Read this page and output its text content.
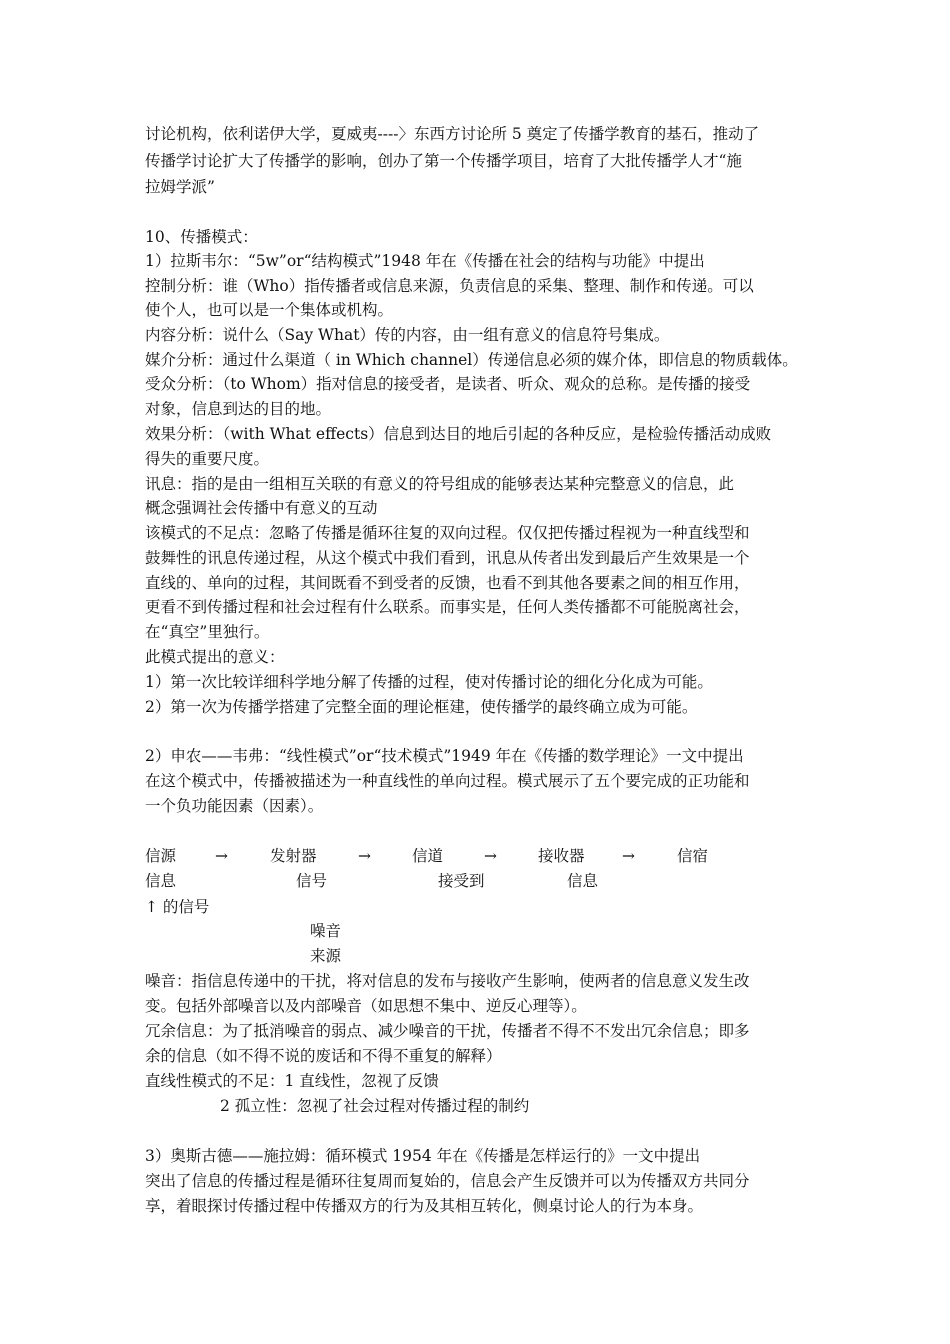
讨论机构，依利诺伊大学，夏威夷----〉东西方讨论所 5 奠定了传播学教育的基石，推动了
传播学讨论扩大了传播学的影响，创办了第一个传播学项目，培育了大批传播学人才“施
拉姆学派”
10、传播模式：
1）拉斯韦尔：“5w”or“结构模式”1948 年在《传播在社会的结构与功能》中提出
控制分析：谁（Who）指传播者或信息来源，负责信息的采集、整理、制作和传递。可以
使个人，也可以是一个集体或机构。
内容分析：说什么（Say What）传的内容，由一组有意义的信息符号集成。
媒介分析：通过什么渠道（ in Which channel）传递信息必须的媒介体，即信息的物质载体。
受众分析：（to Whom）指对信息的接受者，是读者、听众、观众的总称。是传播的接受
对象，信息到达的目的地。
效果分析：（with What effects）信息到达目的地后引起的各种反应，是检验传播活动成败
得失的重要尺度。
讯息：指的是由一组相互关联的有意义的符号组成的能够表达某种完整意义的信息，此
概念强调社会传播中有意义的互动
该模式的不足点：忽略了传播是循环往复的双向过程。仅仅把传播过程视为一种直线型和
鼓舞性的讯息传递过程，从这个模式中我们看到，讯息从传者出发到最后产生效果是一个
直线的、单向的过程，其间既看不到受者的反馈，也看不到其他各要素之间的相互作用，
更看不到传播过程和社会过程有什么联系。而事实是，任何人类传播都不可能脱离社会，
在“真空”里独行。
此模式提出的意义：
1）第一次比较详细科学地分解了传播的过程，使对传播讨论的细化分化成为可能。
2）第一次为传播学搭建了完整全面的理论框建，使传播学的最终确立成为可能。
2）申农——韦弗：“线性模式”or“技术模式”1949 年在《传播的数学理论》一文中提出
在这个模式中，传播被描述为一种直线性的单向过程。模式展示了五个要完成的正功能和
一个负功能因素（因素）。
信源	→	发射器	→	信道	→	接收器 →	信宿
信息	信号	接受到	信息
↑ 的信号
噪音
来源
噪音：指信息传递中的干扰，将对信息的发布与接收产生影响，使两者的信息意义发生改
变。包括外部噪音以及内部噪音（如思想不集中、逆反心理等）。
冗余信息：为了抵消噪音的弱点、减少噪音的干扰，传播者不得不不发出冗余信息；即多
余的信息（如不得不说的废话和不得不重复的解释）
直线性模式的不足：1 直线性，忽视了反馈
2 孤立性：忽视了社会过程对传播过程的制约
3）奥斯古德——施拉姆：循环模式 1954 年在《传播是怎样运行的》一文中提出
突出了信息的传播过程是循环往复周而复始的，信息会产生反馈并可以为传播双方共同分
享，着眼探讨传播过程中传播双方的行为及其相互转化，侧桌讨论人的行为本身。
